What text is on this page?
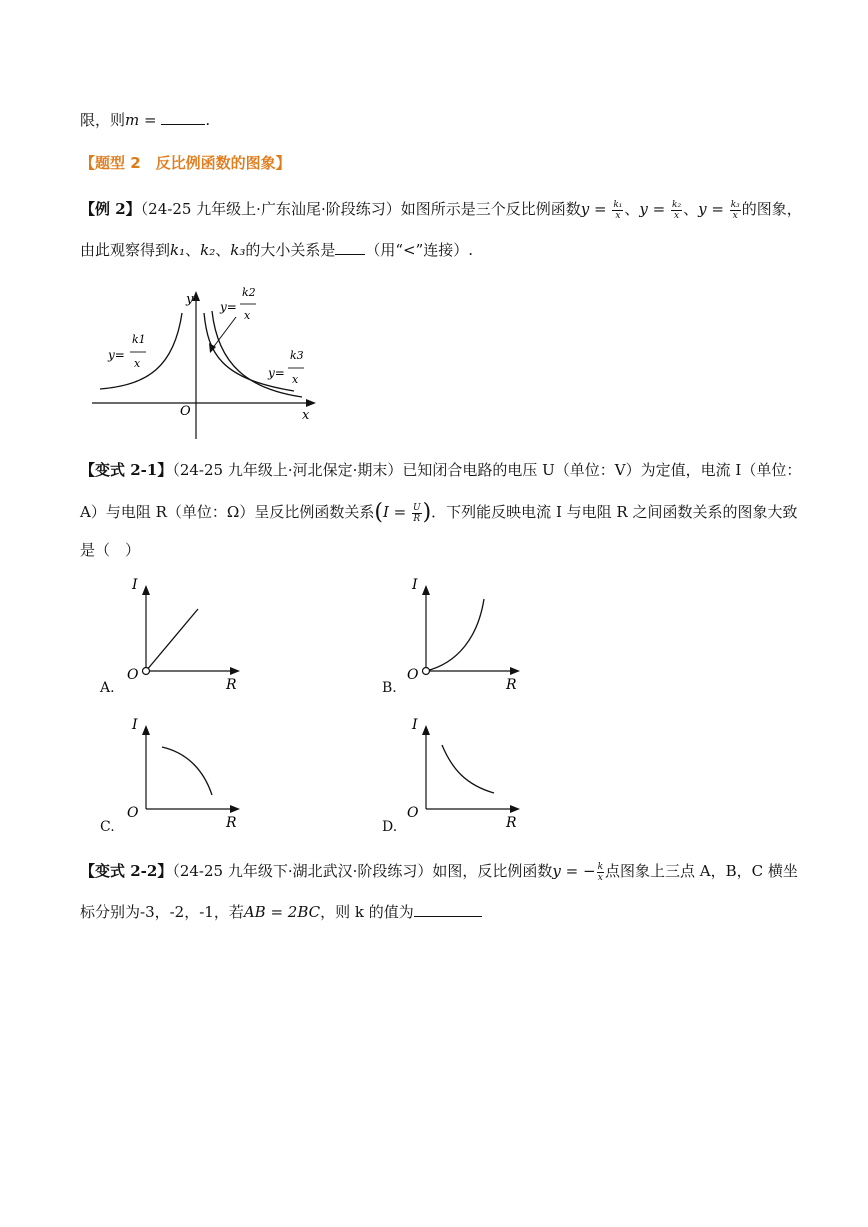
限，则m =	.
【题型 2　反比例函数的图象】
【例 2】（24-25 九年级上·广东汕尾·阶段练习）如图所示是三个反比例函数$y = \frac{\text{k₁}}{x}$ 、$y = \frac{\text{k₂}}{x}$ 、$y = \frac{\text{k₃}}{x}$ 的图象，
由此观察得到k₁、k₂、k₃的大小关系是 （用“<”连接）.
y
x
O
y=
k1
x
y=
k2
x
y=
k3
x
【变式 2-1】（24-25 九年级上·河北保定·期末）已知闭合电路的电压 U（单位：V）为定值，电流 I（单位：
A）与电阻 R（单位：Ω）呈反比例函数关系($I = \frac{U}{R}$ )．下列能反映电流 I 与电阻 R 之间函数关系的图象大致
是（　）
I
R
O
A.
I
R
O
B.
I
R
O
C.
I
R
O
D.
【变式 2-2】（24-25 九年级下·湖北武汉·阶段练习）如图，反比例函数y = − $\frac{k}{x}$ 点图象上三点 A，B，C 横坐
标分别为-3，-2，-1，若AB = 2BC，则 k 的值为
